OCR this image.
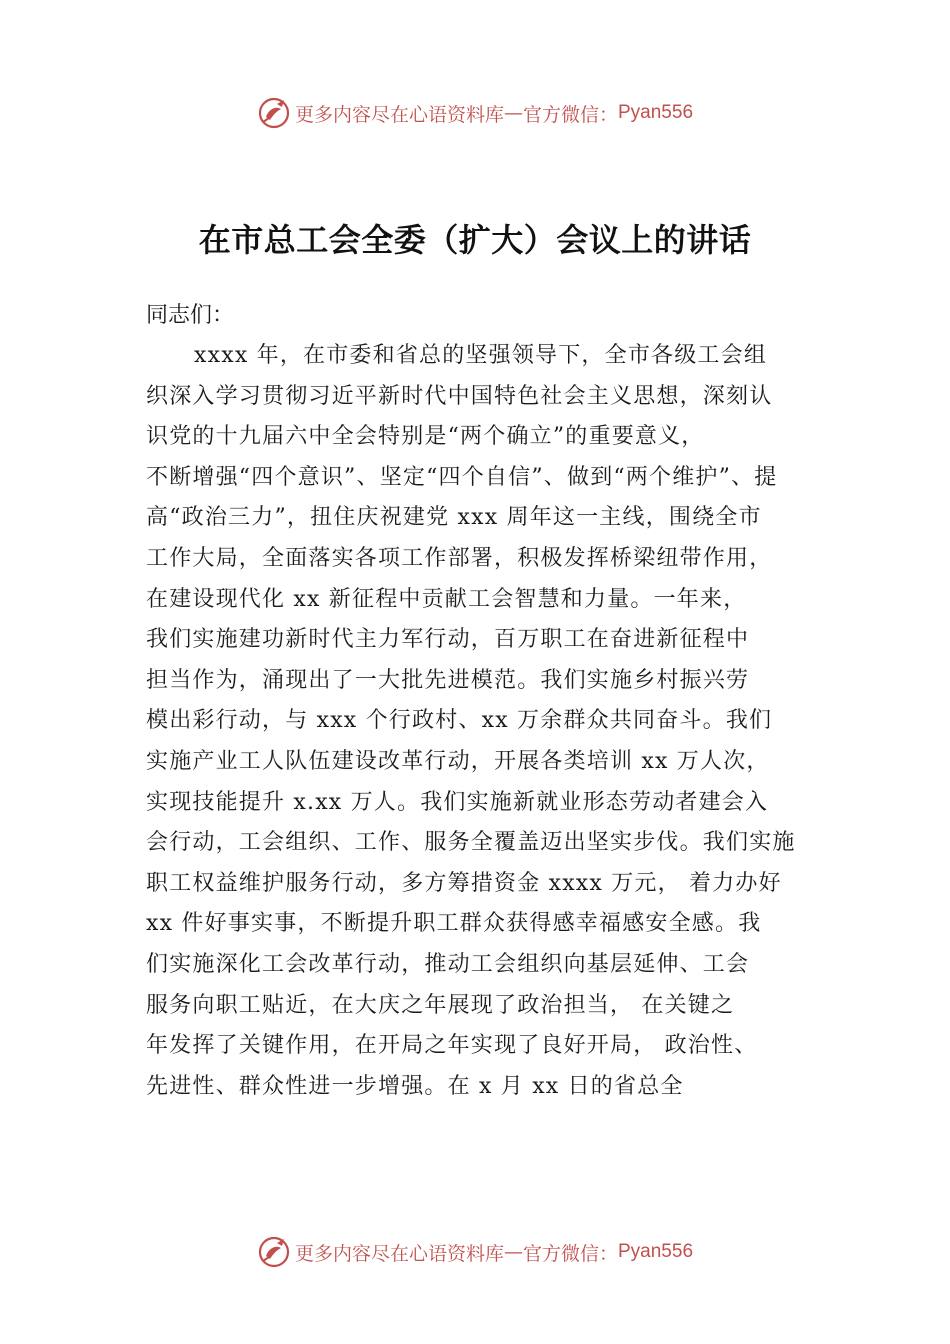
更多内容尽在心语资料库 — 官方微信： Pyan556
在市总工会全委（扩大）会议上的讲话
同志们：
xxxx 年，在市委和省总的坚强领导下，全市各级工会组
织深入学习贯彻习近平新时代中国特色社会主义思想，深刻认
识党的十九届六中全会特别是“两个确立”的重要意义，
不断增强“四个意识”、坚定“四个自信”、做到“两个维护”、提
高“政治三力”，扭住庆祝建党 xxx 周年这一主线，围绕全市
工作大局，全面落实各项工作部署，积极发挥桥梁纽带作用，
在建设现代化 xx 新征程中贡献工会智慧和力量。一年来，
我们实施建功新时代主力军行动，百万职工在奋进新征程中
担当作为，涌现出了一大批先进模范。我们实施乡村振兴劳
模出彩行动，与 xxx 个行政村、xx 万余群众共同奋斗。我们
实施产业工人队伍建设改革行动，开展各类培训 xx 万人次，
实现技能提升 x.xx 万人。我们实施新就业形态劳动者建会入
会行动，工会组织、工作、服务全覆盖迈出坚实步伐。我们实施
职工权益维护服务行动，多方筹措资金 xxxx 万元， 着力办好
xx 件好事实事，不断提升职工群众获得感幸福感安全感。我
们实施深化工会改革行动，推动工会组织向基层延伸、工会
服务向职工贴近，在大庆之年展现了政治担当， 在关键之
年发挥了关键作用，在开局之年实现了良好开局， 政治性、
先进性、群众性进一步增强。在 x 月 xx 日的省总全
更多内容尽在心语资料库 — 官方微信： Pyan556
